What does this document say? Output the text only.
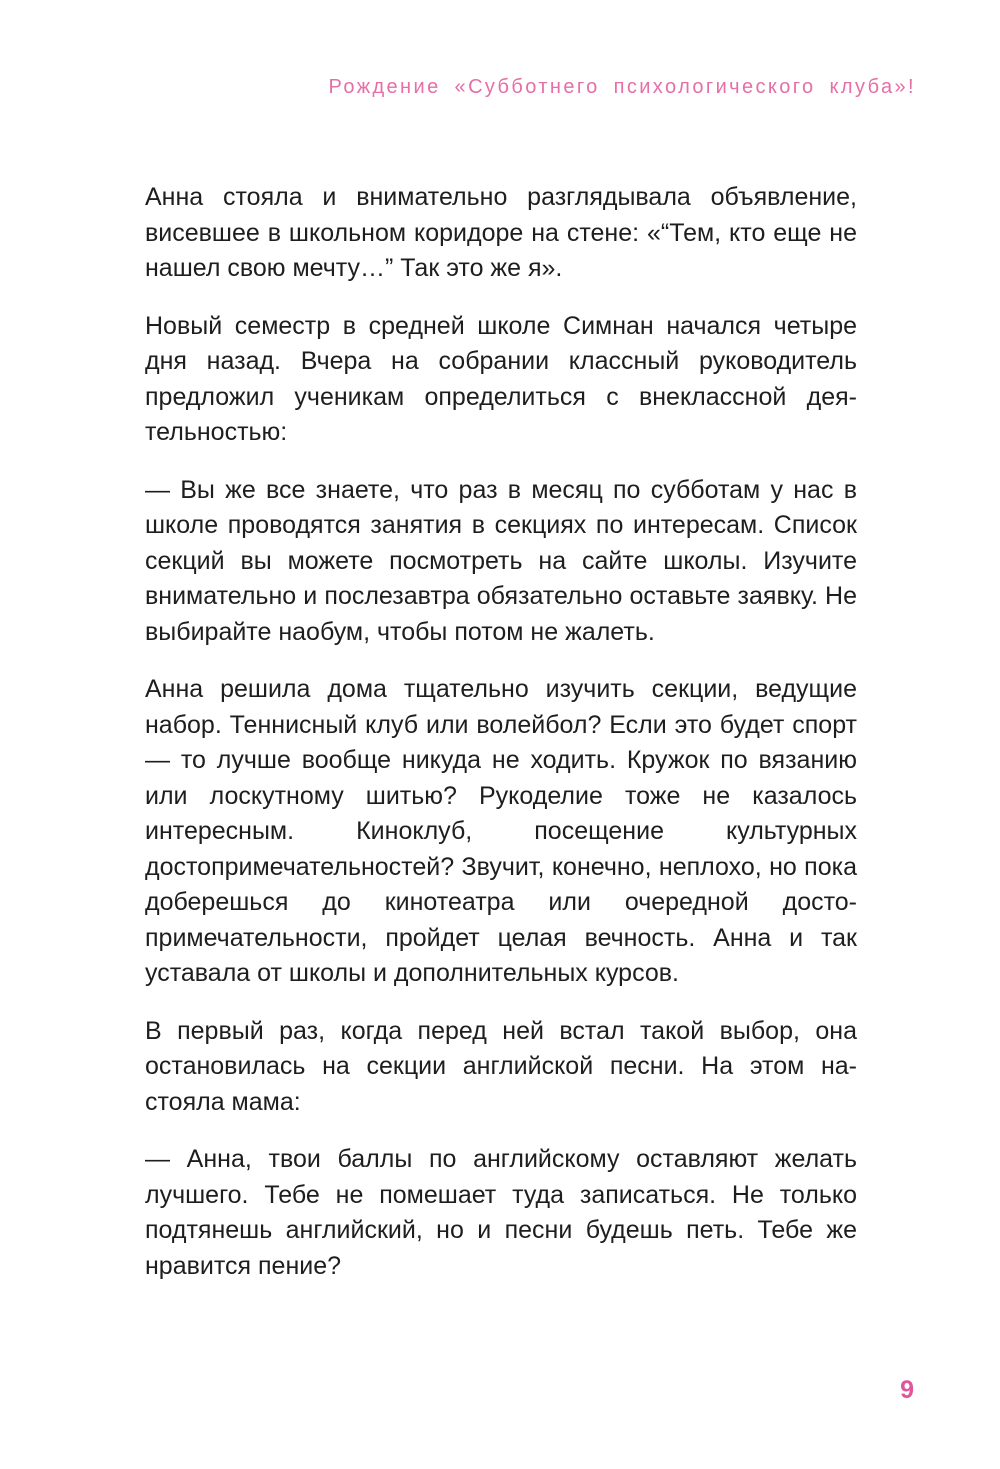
Рождение «Субботнего психологического клуба»!

Анна стояла и внимательно разглядывала объявление, висевшее в школьном коридоре на стене: «“Тем, кто еще не нашел свою мечту…” Так это же я».

Новый семестр в средней школе Симнан начался четыре дня назад. Вчера на собрании классный руководитель предложил ученикам определиться с внеклассной деятельностью:

— Вы же все знаете, что раз в месяц по субботам у нас в школе проводятся занятия в секциях по интересам. Список секций вы можете посмотреть на сайте школы. Изучите внимательно и послезавтра обязательно оставьте заявку. Не выбирайте наобум, чтобы потом не жалеть.

Анна решила дома тщательно изучить секции, ведущие набор. Теннисный клуб или волейбол? Если это будет спорт — то лучше вообще никуда не ходить. Кружок по вязанию или лоскутному шитью? Рукоделие тоже не казалось интересным. Киноклуб, посещение культурных достопримечательностей? Звучит, конечно, неплохо, но пока доберешься до кинотеатра или очередной достопримечательности, пройдет целая вечность. Анна и так уставала от школы и дополнительных курсов.

В первый раз, когда перед ней встал такой выбор, она остановилась на секции английской песни. На этом настояла мама:

— Анна, твои баллы по английскому оставляют желать лучшего. Тебе не помешает туда записаться. Не только подтянешь английский, но и песни будешь петь. Тебе же нравится пение?

9
